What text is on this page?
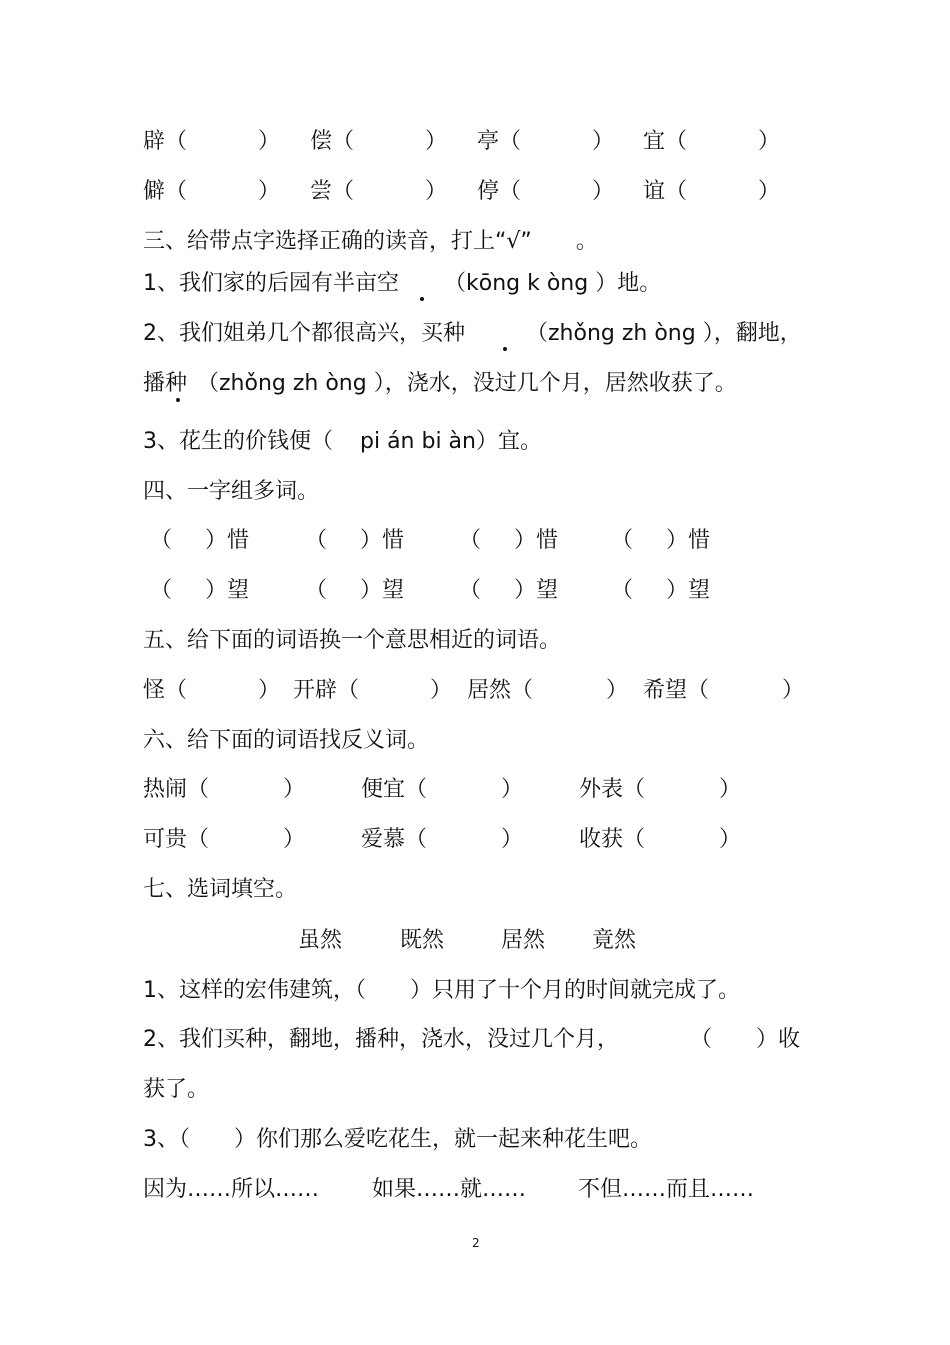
辟（	） 偿（	） 亭（	） 宜（	）
僻（	） 尝（	） 停（	） 谊（	）
三、给带点字选择正确的读音，打上“√”　　。
1、我们家的后园有半亩空 （kōng k òng ）地。
2、我们姐弟几个都很高兴，买种	（zhǒng zh òng ），翻地，
播种 （zhǒng zh òng ），浇水，没过几个月，居然收获了。
3、花生的价钱便（ pi án bi àn）宜。
四、一字组多词。
（ ）惜	（ ）惜 （ ）惜 （ ）惜
（ ）望	（ ）望 （ ）望 （ ）望
五、给下面的词语换一个意思相近的词语。
怪（	） 开辟（	） 居然（	） 希望（	）
六、给下面的词语找反义词。
热闹（	）	便宜（	）	外表（	）
可贵（	）	爱慕（	）	收获（	）
七、选词填空。
虽然	既然	居然 竟然
1、这样的宏伟建筑，（　　）只用了十个月的时间就完成了。
2、我们买种，翻地，播种，浇水，没过几个月，	（　　）收
获了。
3、（　　）你们那么爱吃花生，就一起来种花生吧。
因为……所以…… 如果……就…… 不但……而且……
2
